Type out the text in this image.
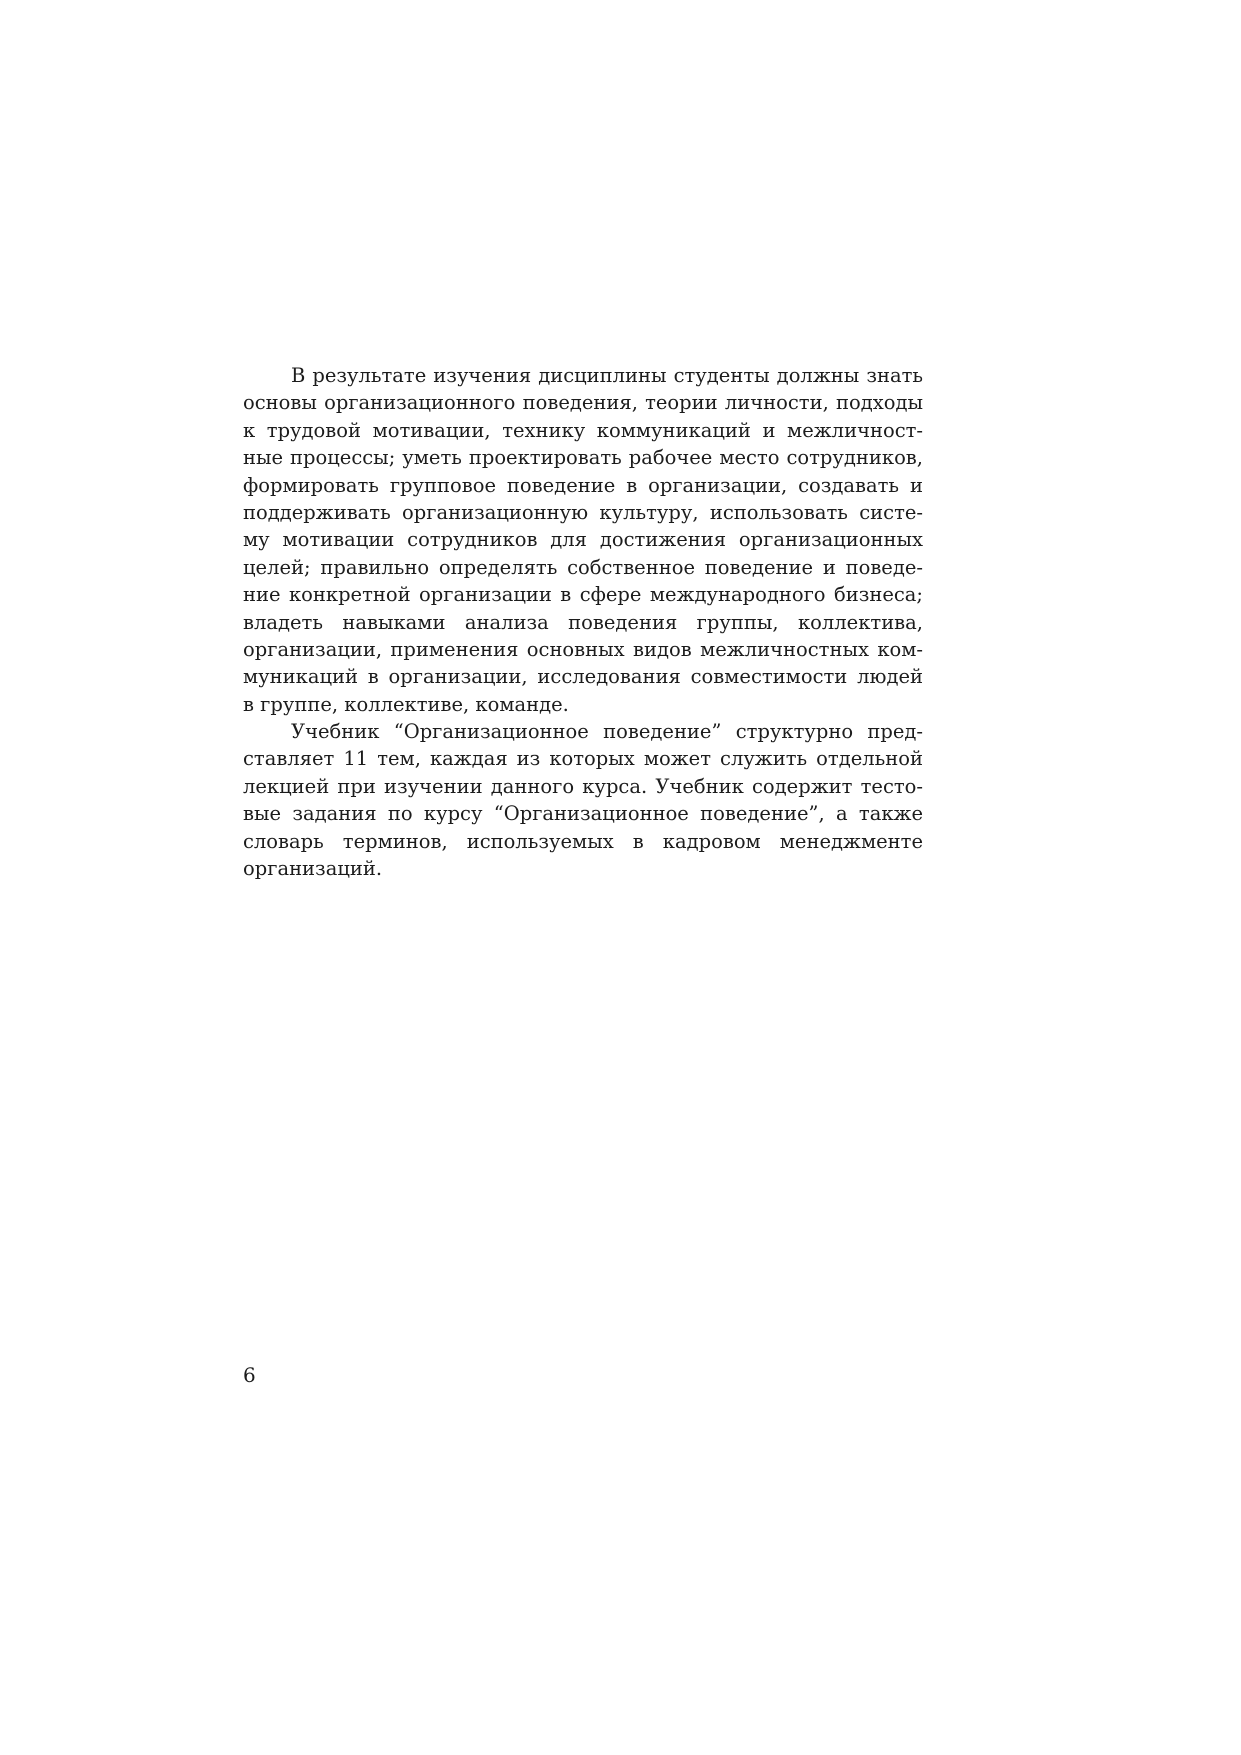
В результате изучения дисциплины студенты должны знать
основы организационного поведения, теории личности, подходы
к трудовой мотивации, технику коммуникаций и межличност-
ные процессы; уметь проектировать рабочее место сотрудников,
формировать групповое поведение в организации, создавать и
поддерживать организационную культуру, использовать систе-
му мотивации сотрудников для достижения организационных
целей; правильно определять собственное поведение и поведе-
ние конкретной организации в сфере международного бизнеса;
владеть навыками анализа поведения группы, коллектива,
организации, применения основных видов межличностных ком-
муникаций в организации, исследования совместимости людей
в группе, коллективе, команде.
Учебник “Организационное поведение” структурно пред-
ставляет 11 тем, каждая из которых может служить отдельной
лекцией при изучении данного курса. Учебник содержит тесто-
вые задания по курсу “Организационное поведение”, а также
словарь терминов, используемых в кадровом менеджменте
организаций.
6
